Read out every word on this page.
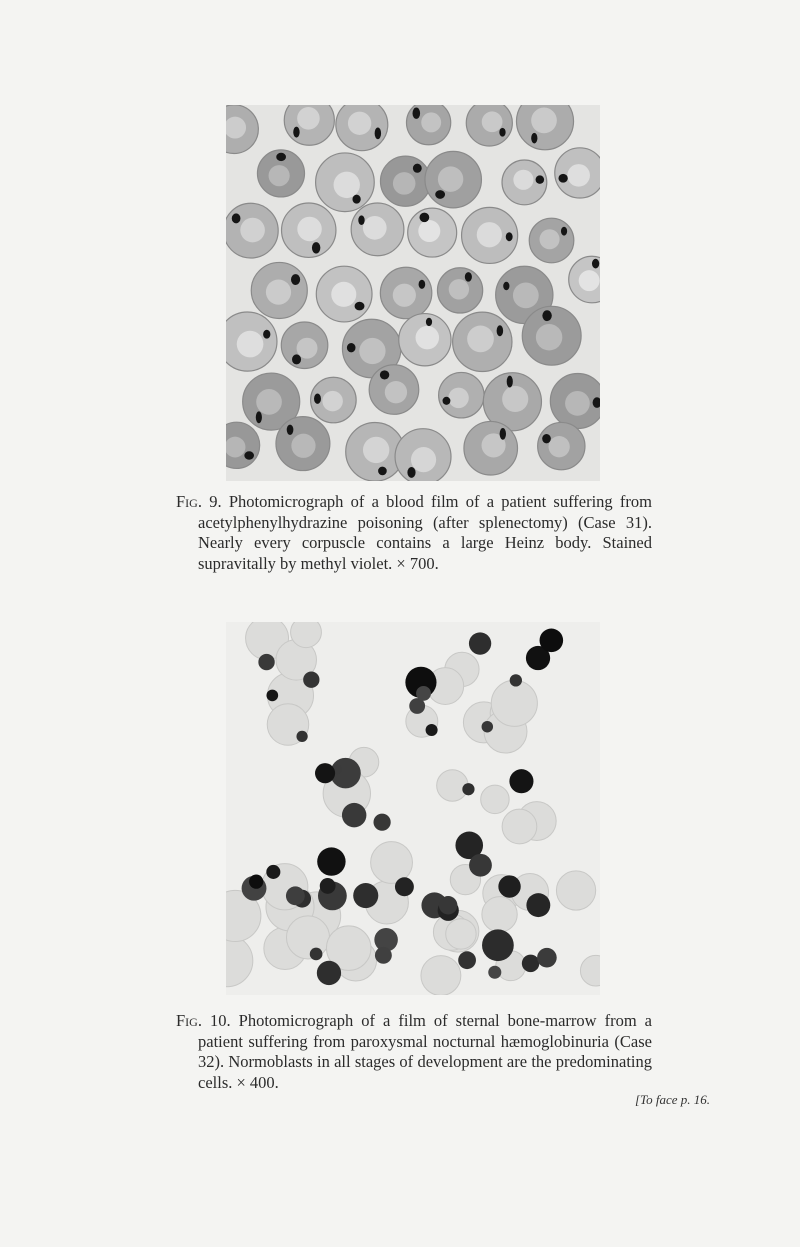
Fig. 9. Photomicrograph of a blood film of a patient suffering from acetylphenylhydrazine poisoning (after splenectomy) (Case 31). Nearly every corpuscle contains a large Heinz body. Stained supravitally by methyl violet. × 700.
Fig. 10. Photomicrograph of a film of sternal bone-marrow from a patient suffering from paroxysmal nocturnal hæmoglobinuria (Case 32). Normoblasts in all stages of development are the predominating cells. × 400.
[To face p. 16.
